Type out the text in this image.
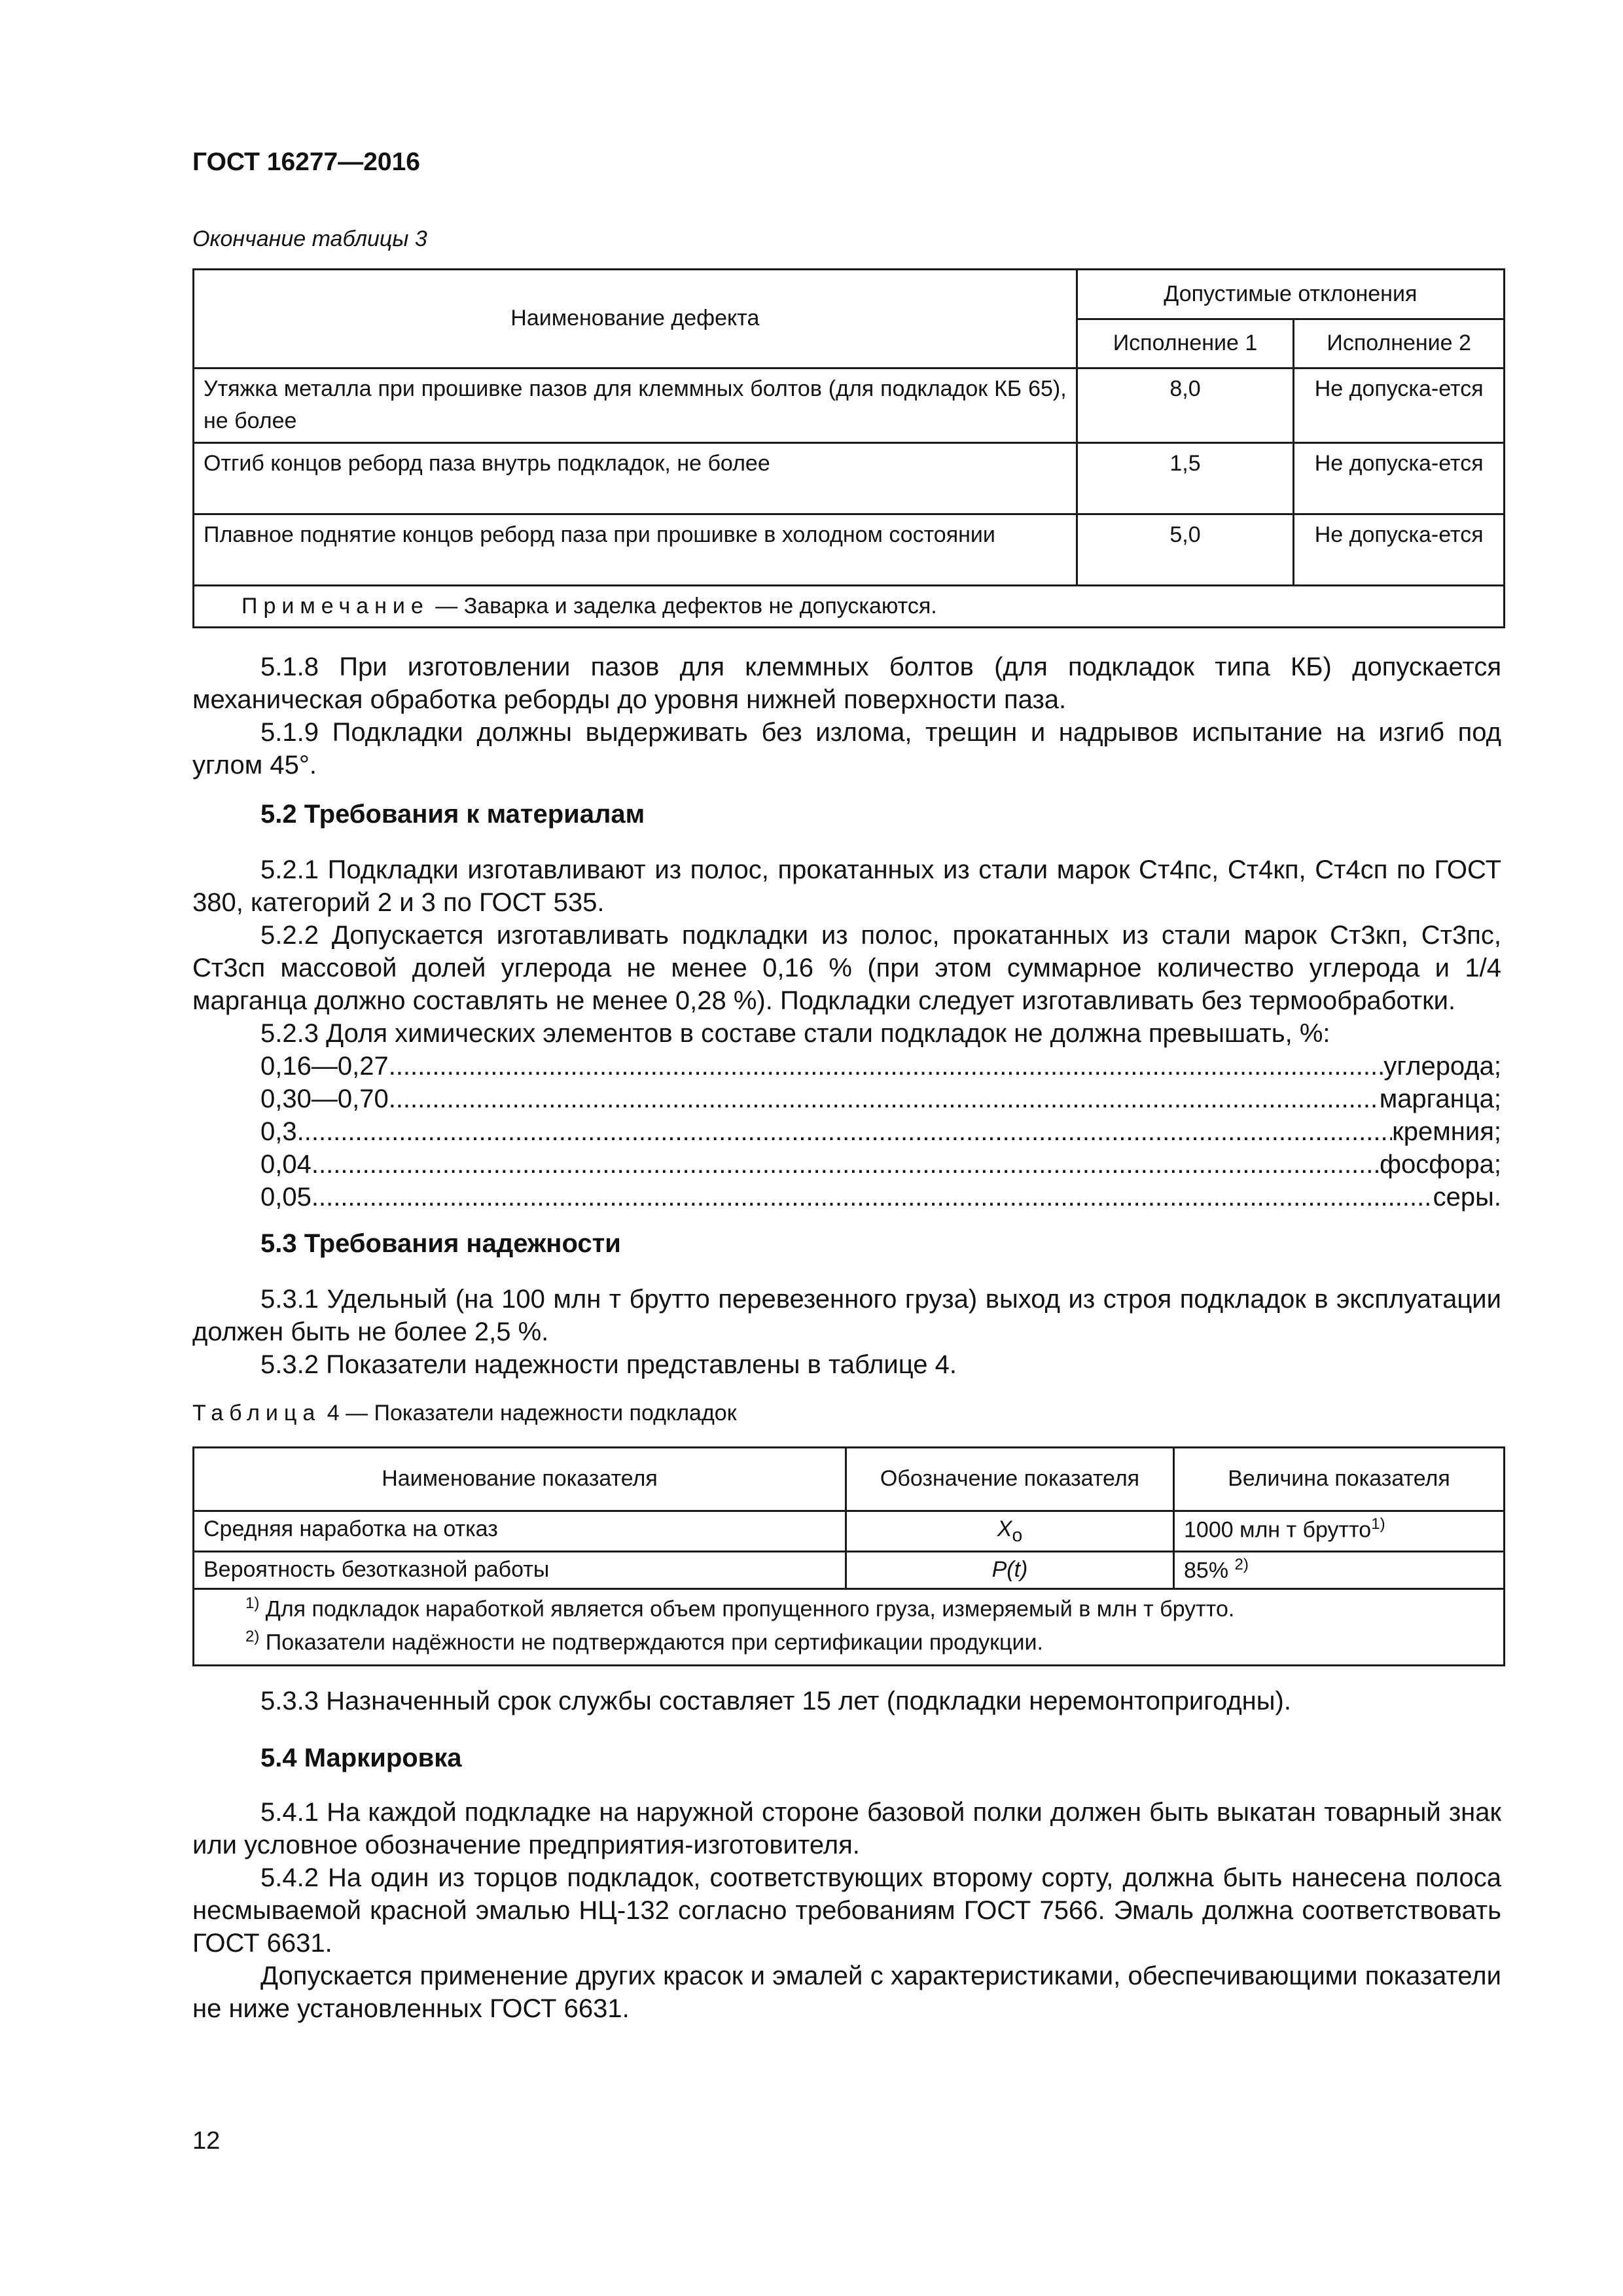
ГОСТ 16277—2016
Окончание таблицы 3
Наименование дефекта	Допустимые отклонения	
	Исполнение 1	Исполнение 2
Утяжка металла при прошивке пазов для клеммных болтов (для подкладок КБ 65), не более	8,0	Не допуска-ется
Отгиб концов реборд паза внутрь подкладок, не более	1,5	Не допуска-ется
Плавное поднятие концов реборд паза при прошивке в холодном состоянии	5,0	Не допуска-ется
Примечание — Заварка и заделка дефектов не допускаются.		

5.1.8 При изготовлении пазов для клеммных болтов (для подкладок типа КБ) допускается механическая обработка реборды до уровня нижней поверхности паза.

5.1.9 Подкладки должны выдерживать без излома, трещин и надрывов испытание на изгиб под углом 45°.

5.2 Требования к материалам

5.2.1 Подкладки изготавливают из полос, прокатанных из стали марок Ст4пс, Ст4кп, Ст4сп по ГОСТ 380, категорий 2 и 3 по ГОСТ 535.

5.2.2 Допускается изготавливать подкладки из полос, прокатанных из стали марок Ст3кп, Ст3пс, Ст3сп массовой долей углерода не менее 0,16 % (при этом суммарное количество углерода и 1/4 марганца должно составлять не менее 0,28 %). Подкладки следует изготавливать без термообработки.

5.2.3 Доля химических элементов в составе стали подкладок не должна превышать, %:

0,16—0,27 .....	углерода;
0,30—0,70 .....	марганца;
0,3 .....	кремния;
0,04 .....	фосфора;
0,05 .....	серы.
5.3 Требования надежности

5.3.1 Удельный (на 100 млн т брутто перевезенного груза) выход из строя подкладок в эксплуатации должен быть не более 2,5 %.

5.3.2 Показатели надежности представлены в таблице 4.

Таблица 4 — Показатели надежности подкладок
Наименование показателя	Обозначение показателя	Величина показателя
Средняя наработка на отказ	$X_о$	1000 млн т брутто$^{1)}$
Вероятность безотказной работы	P(t)	85% $^{2)}$

$^{1)}$ Для подкладок наработкой является объем пропущенного груза, измеряемый в млн т брутто.
$^{2)}$ Показатели надёжности не подтверждаются при сертификации продукции.		

5.3.3 Назначенный срок службы составляет 15 лет (подкладки неремонтопригодны).

5.4 Маркировка

5.4.1 На каждой подкладке на наружной стороне базовой полки должен быть выкатан товарный знак или условное обозначение предприятия-изготовителя.

5.4.2 На один из торцов подкладок, соответствующих второму сорту, должна быть нанесена полоса несмываемой красной эмалью НЦ-132 согласно требованиям ГОСТ 7566. Эмаль должна соответствовать ГОСТ 6631.

Допускается применение других красок и эмалей с характеристиками, обеспечивающими показатели не ниже установленных ГОСТ 6631.

12
